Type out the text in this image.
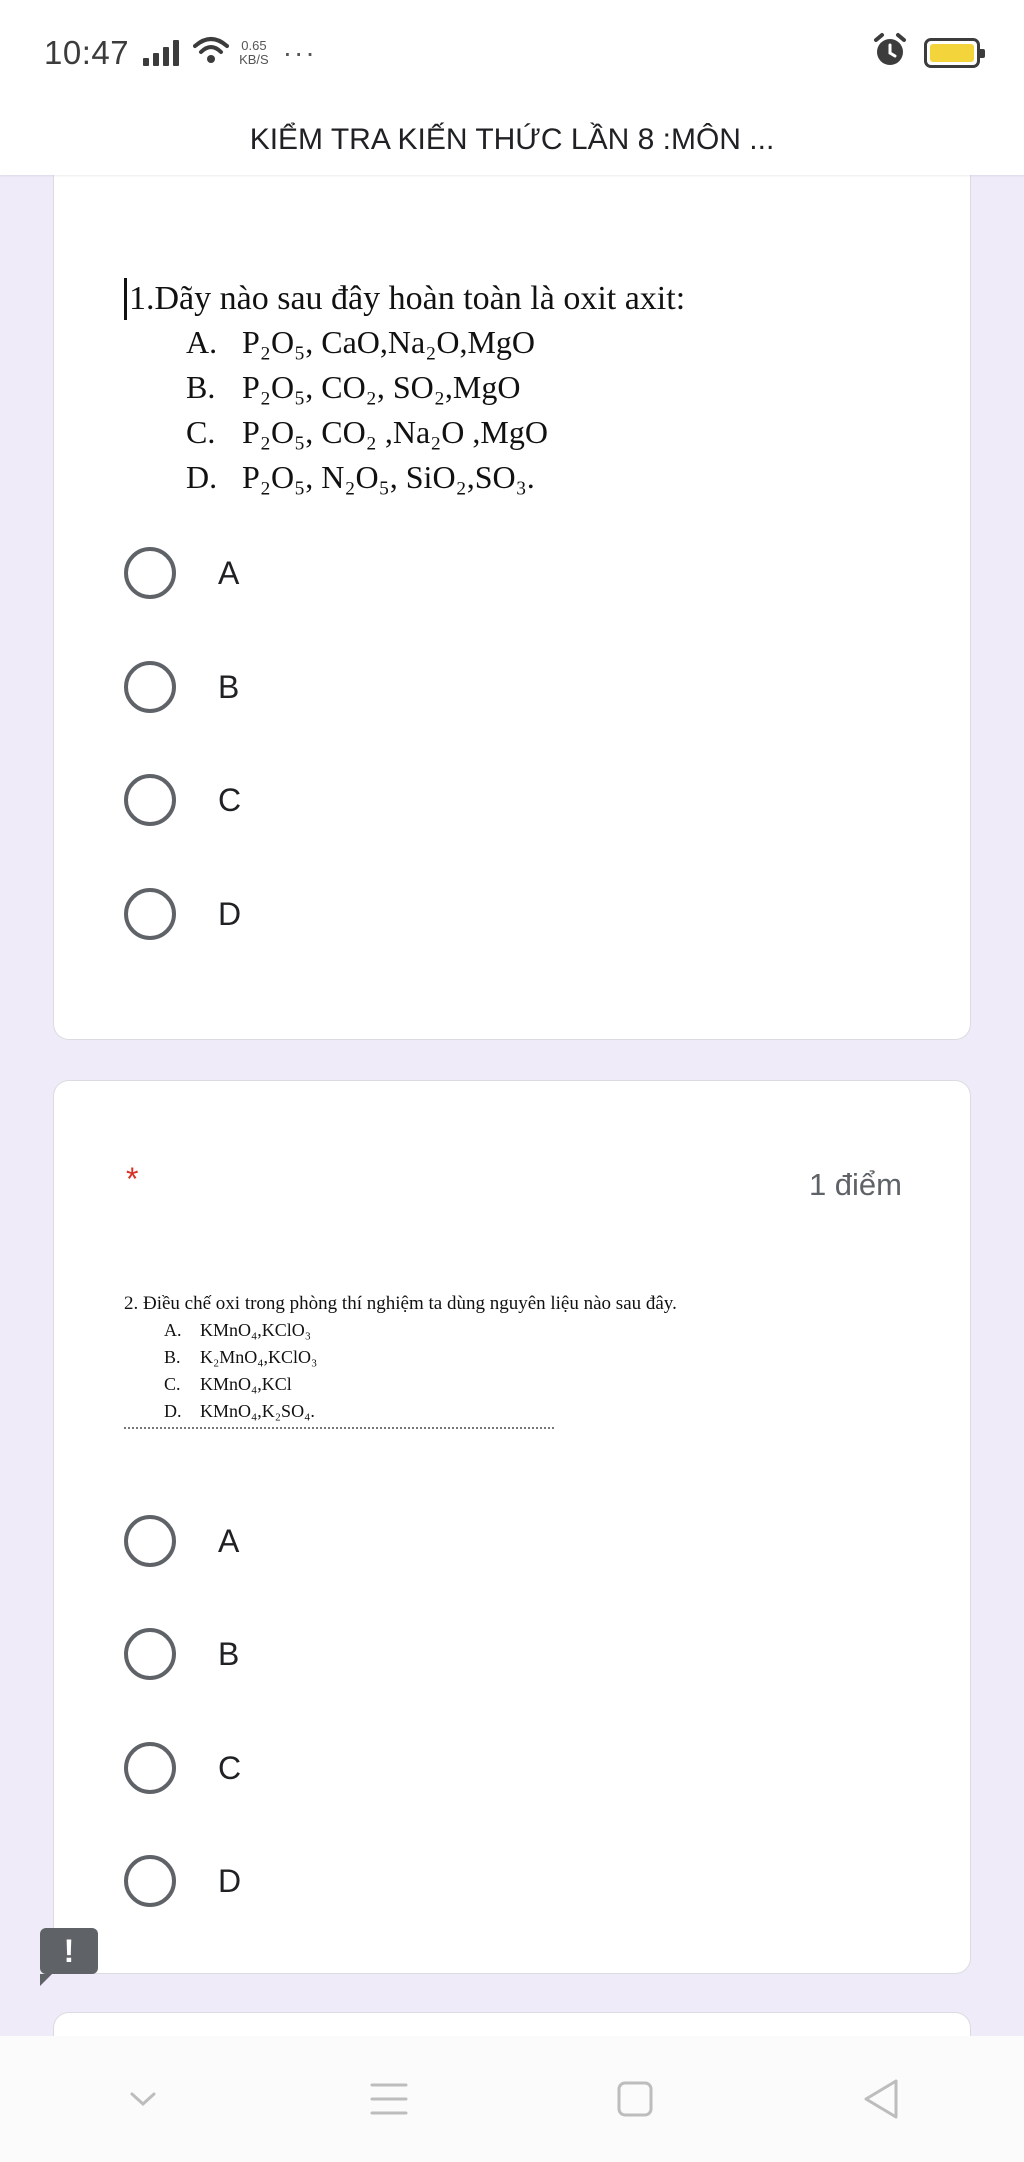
10:47	0.65
KB/S ···
KIỂM TRA KIẾN THỨC LẦN 8 :MÔN ...
1.Dãy nào sau đây hoàn toàn là oxit axit:
A. P₂O₅, CaO,Na₂O,MgO
B. P₂O₅, CO₂, SO₂,MgO
C. P₂O₅, CO₂ ,Na₂O ,MgO
D. P₂O₅, N₂O₅, SiO₂,SO₃.
A
B
C
D
*	1 điểm
2. Điều chế oxi trong phòng thí nghiệm ta dùng nguyên liệu nào sau đây.
A. KMnO₄,KClO₃
B. K₂MnO₄,KClO₃
C. KMnO₄,KCl
D. KMnO₄,K₂SO₄.
A
B
C
D
!
